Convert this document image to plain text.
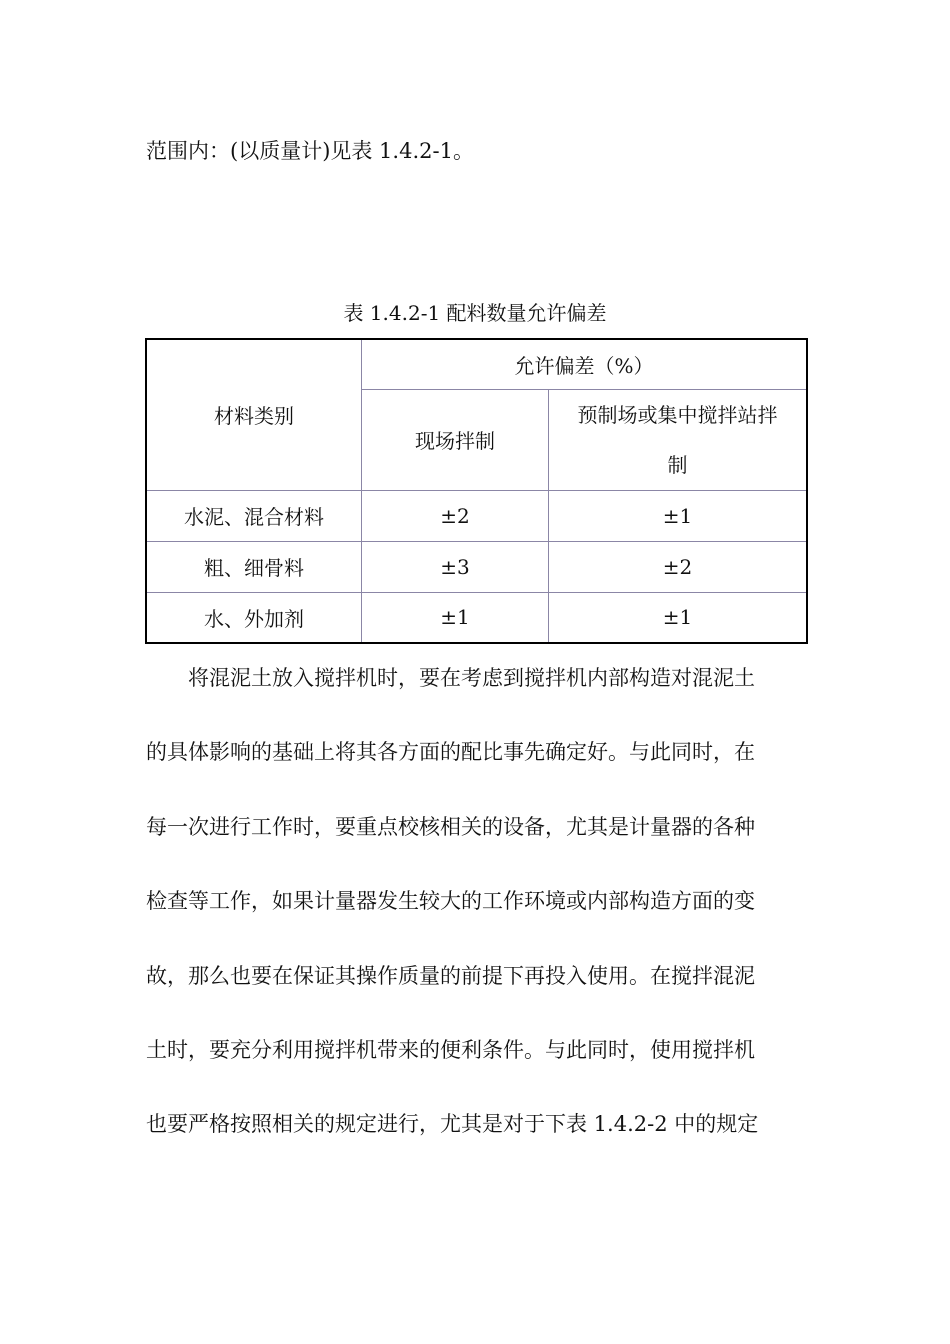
范围内：(以质量计)见表 1.4.2-1。
表 1.4.2-1 配料数量允许偏差
材料类别	允许偏差（%）	
	现场拌制	预制场或集中搅拌站拌
制
水泥、混合材料	±2	±1
粗、细骨料	±3	±2
水、外加剂	±1	±1
将混泥土放入搅拌机时，要在考虑到搅拌机内部构造对混泥土
的具体影响的基础上将其各方面的配比事先确定好。与此同时，在
每一次进行工作时，要重点校核相关的设备，尤其是计量器的各种
检查等工作，如果计量器发生较大的工作环境或内部构造方面的变
故，那么也要在保证其操作质量的前提下再投入使用。在搅拌混泥
土时，要充分利用搅拌机带来的便利条件。与此同时，使用搅拌机
也要严格按照相关的规定进行，尤其是对于下表 1.4.2-2 中的规定
